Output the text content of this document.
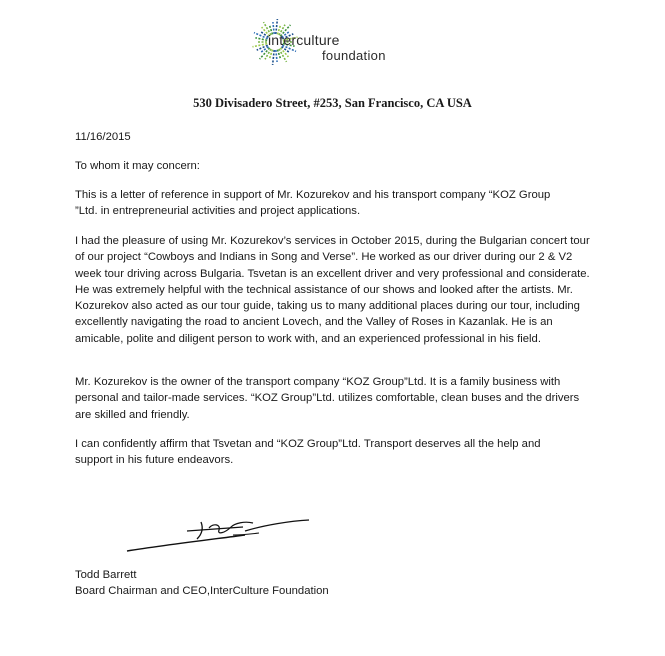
interculture
foundation
530 Divisadero Street, #253, San Francisco, CA USA

11/16/2015

To whom it may concern:

This is a letter of reference in support of Mr. Kozurekov and his transport company “KOZ Group ”Ltd. in entrepreneurial activities and project applications.

I had the pleasure of using Mr. Kozurekov’s services in October 2015, during the Bulgarian concert tour of our project “Cowboys and Indians in Song and Verse”. He worked as our driver during our 2 & V2 week tour driving across Bulgaria. Tsvetan is an excellent driver and very professional and considerate. He was extremely helpful with the technical assistance of our shows and looked after the artists. Mr. Kozurekov also acted as our tour guide, taking us to many additional places during our tour, including excellently navigating the road to ancient Lovech, and the Valley of Roses in Kazanlak. He is an amicable, polite and diligent person to work with, and an experienced professional in his field.

Mr. Kozurekov is the owner of the transport company “KOZ Group”Ltd. It is a family business with personal and tailor-made services. “KOZ Group”Ltd. utilizes comfortable, clean buses and the drivers are skilled and friendly.

I can confidently affirm that Tsvetan and “KOZ Group”Ltd. Transport deserves all the help and support in his future endeavors.

Todd Barrett

Board Chairman and CEO,InterCulture Foundation
